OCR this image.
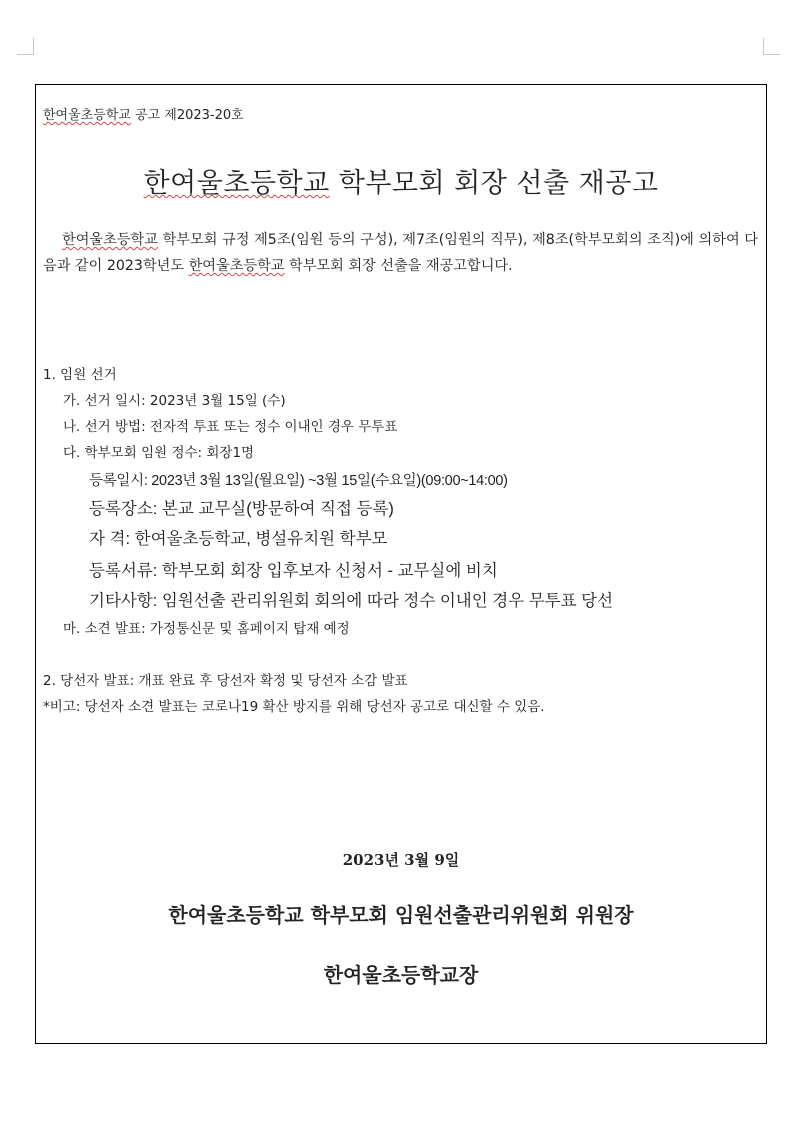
한여울초등학교 공고 제2023-20호
한여울초등학교 학부모회 회장 선출 재공고
한여울초등학교 학부모회 규정 제5조(임원 등의 구성), 제7조(임원의 직무), 제8조(학부모회의 조직)에 의하여 다음과 같이 2023학년도 한여울초등학교 학부모회 회장 선출을 재공고합니다.
1. 임원 선거
가. 선거 일시: 2023년 3월 15일 (수)
나. 선거 방법: 전자적 투표 또는 정수 이내인 경우 무투표
다. 학부모회 임원 정수: 회장1명
등록일시: 2023년 3월 13일(월요일) ~3월 15일(수요일)(09:00~14:00)
등록장소: 본교 교무실(방문하여 직접 등록)
자 격: 한여울초등학교, 병설유치원 학부모
등록서류: 학부모회 회장 입후보자 신청서 - 교무실에 비치
기타사항: 임원선출 관리위원회 회의에 따라 정수 이내인 경우 무투표 당선
마. 소견 발표: 가정통신문 및 홈페이지 탑재 예정
2. 당선자 발표: 개표 완료 후 당선자 확정 및 당선자 소감 발표
*비고: 당선자 소견 발표는 코로나19 확산 방지를 위해 당선자 공고로 대신할 수 있음.
2023년 3월 9일
한여울초등학교 학부모회 임원선출관리위원회 위원장
한여울초등학교장
